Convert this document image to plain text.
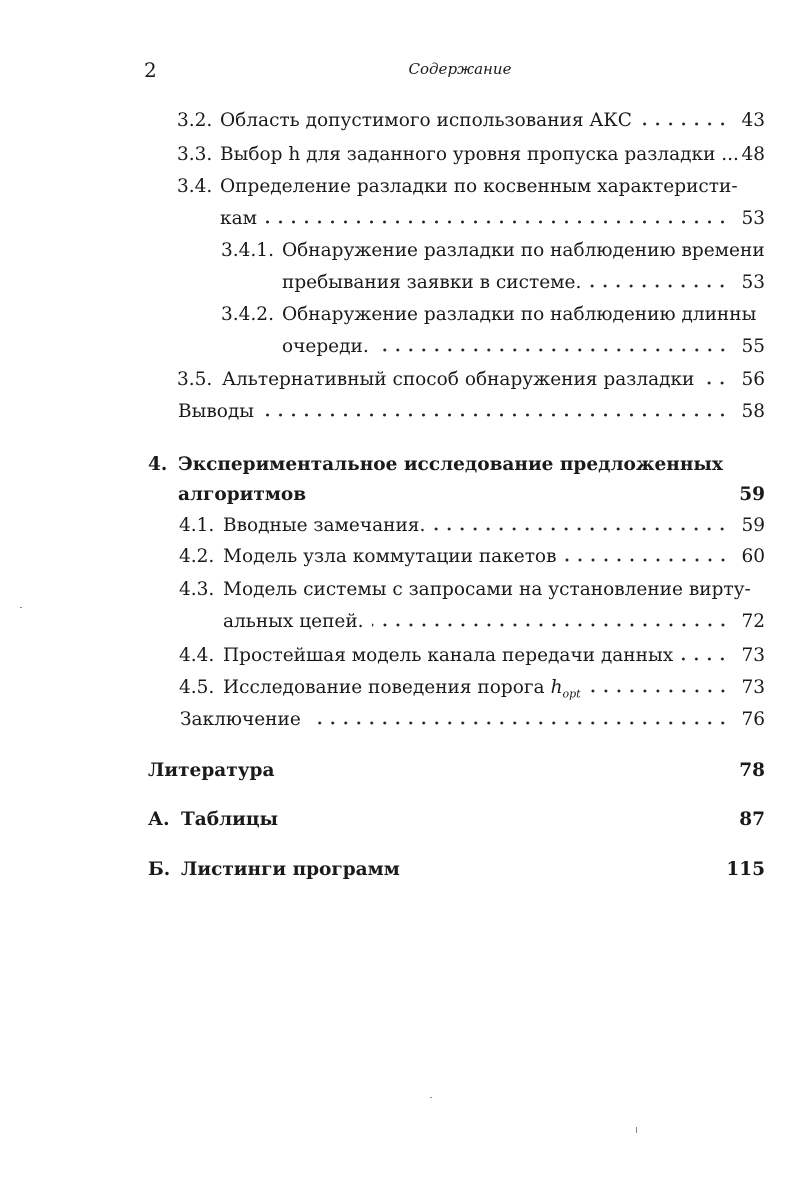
2	Содержание
3.2. Область допустимого использования АКС	43
3.3. Выбор h для заданного уровня пропуска разладки ... 48
3.4. Определение разладки по косвенным характеристи-
кам	53
3.4.1. Обнаружение разладки по наблюдению времени
пребывания заявки в системе.	53
3.4.2. Обнаружение разладки по наблюдению длинны
очереди.	55
3.5. Альтернативный способ обнаружения разладки	56
Выводы	58
4. Экспериментальное исследование предложенных
алгоритмов	59
4.1. Вводные замечания.	59
4.2. Модель узла коммутации пакетов	60
4.3. Модель системы с запросами на установление вирту-
альных цепей.	72
4.4. Простейшая модель канала передачи данных	73
4.5. Исследование поведения порога $h_{opt}$	73
Заключение	76
Литература	78
А. Таблицы	87
Б. Листинги программ	115
